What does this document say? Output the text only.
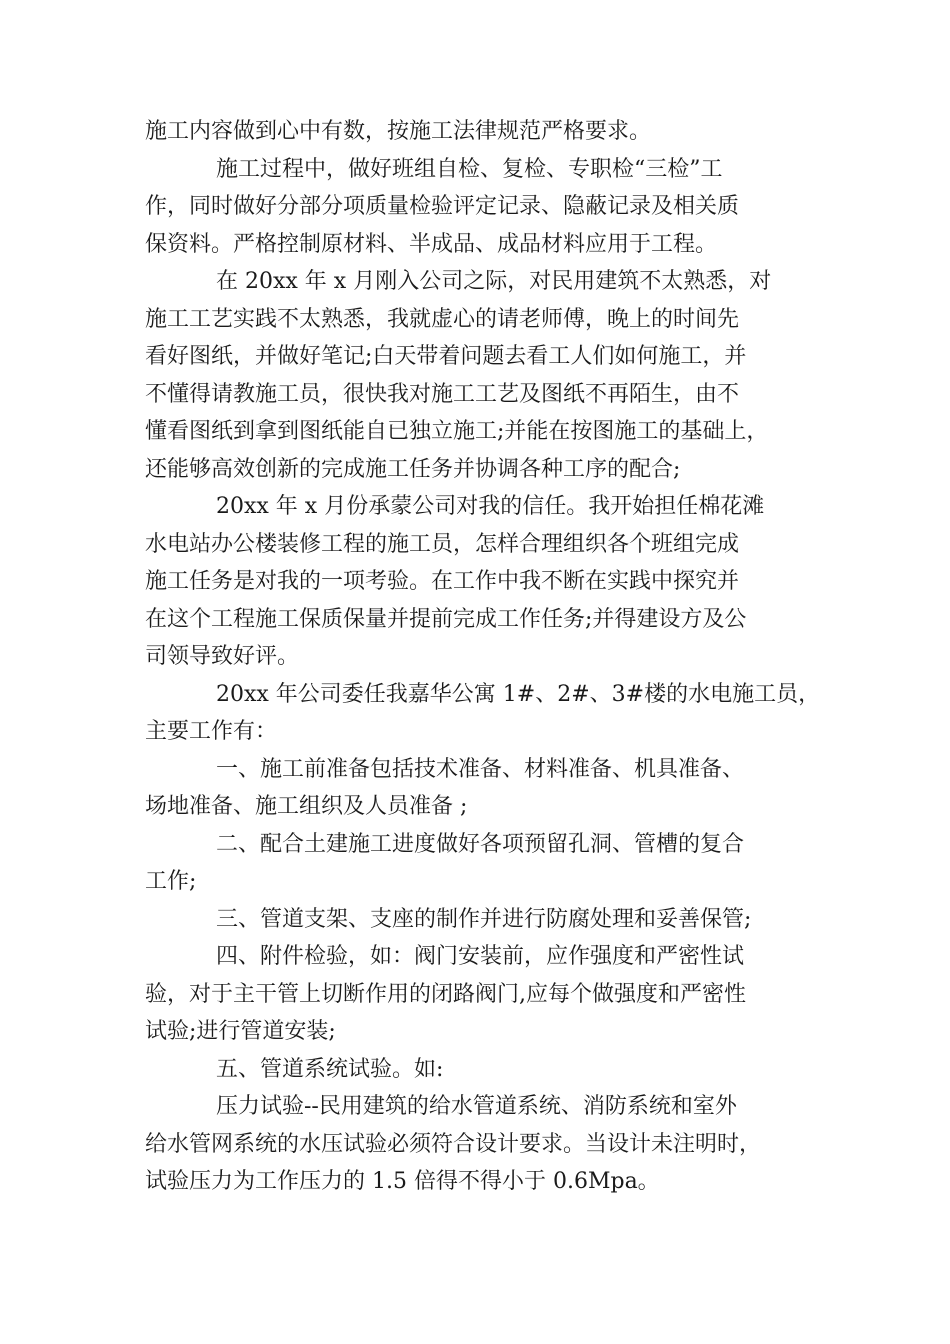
施工内容做到心中有数，按施工法律规范严格要求。
施工过程中，做好班组自检、复检、专职检“三检”工
作，同时做好分部分项质量检验评定记录、隐蔽记录及相关质
保资料。严格控制原材料、半成品、成品材料应用于工程。
在 20xx 年 x 月刚入公司之际，对民用建筑不太熟悉，对
施工工艺实践不太熟悉，我就虚心的请老师傅，晚上的时间先
看好图纸，并做好笔记;白天带着问题去看工人们如何施工，并
不懂得请教施工员，很快我对施工工艺及图纸不再陌生，由不
懂看图纸到拿到图纸能自已独立施工;并能在按图施工的基础上，
还能够高效创新的完成施工任务并协调各种工序的配合;
20xx 年 x 月份承蒙公司对我的信任。我开始担任棉花滩
水电站办公楼装修工程的施工员，怎样合理组织各个班组完成
施工任务是对我的一项考验。在工作中我不断在实践中探究并
在这个工程施工保质保量并提前完成工作任务;并得建设方及公
司领导致好评。
20xx 年公司委任我嘉华公寓 1#、2#、3#楼的水电施工员，
主要工作有：
一、施工前准备包括技术准备、材料准备、机具准备、
场地准备、施工组织及人员准备 ;
二、配合土建施工进度做好各项预留孔洞、管槽的复合
工作;
三、管道支架、支座的制作并进行防腐处理和妥善保管;
四、附件检验，如：阀门安装前，应作强度和严密性试
验，对于主干管上切断作用的闭路阀门,应每个做强度和严密性
试验;进行管道安装;
五、管道系统试验。如:
压力试验--民用建筑的给水管道系统、消防系统和室外
给水管网系统的水压试验必须符合设计要求。当设计未注明时，
试验压力为工作压力的 1.5 倍得不得小于 0.6Mpa。
